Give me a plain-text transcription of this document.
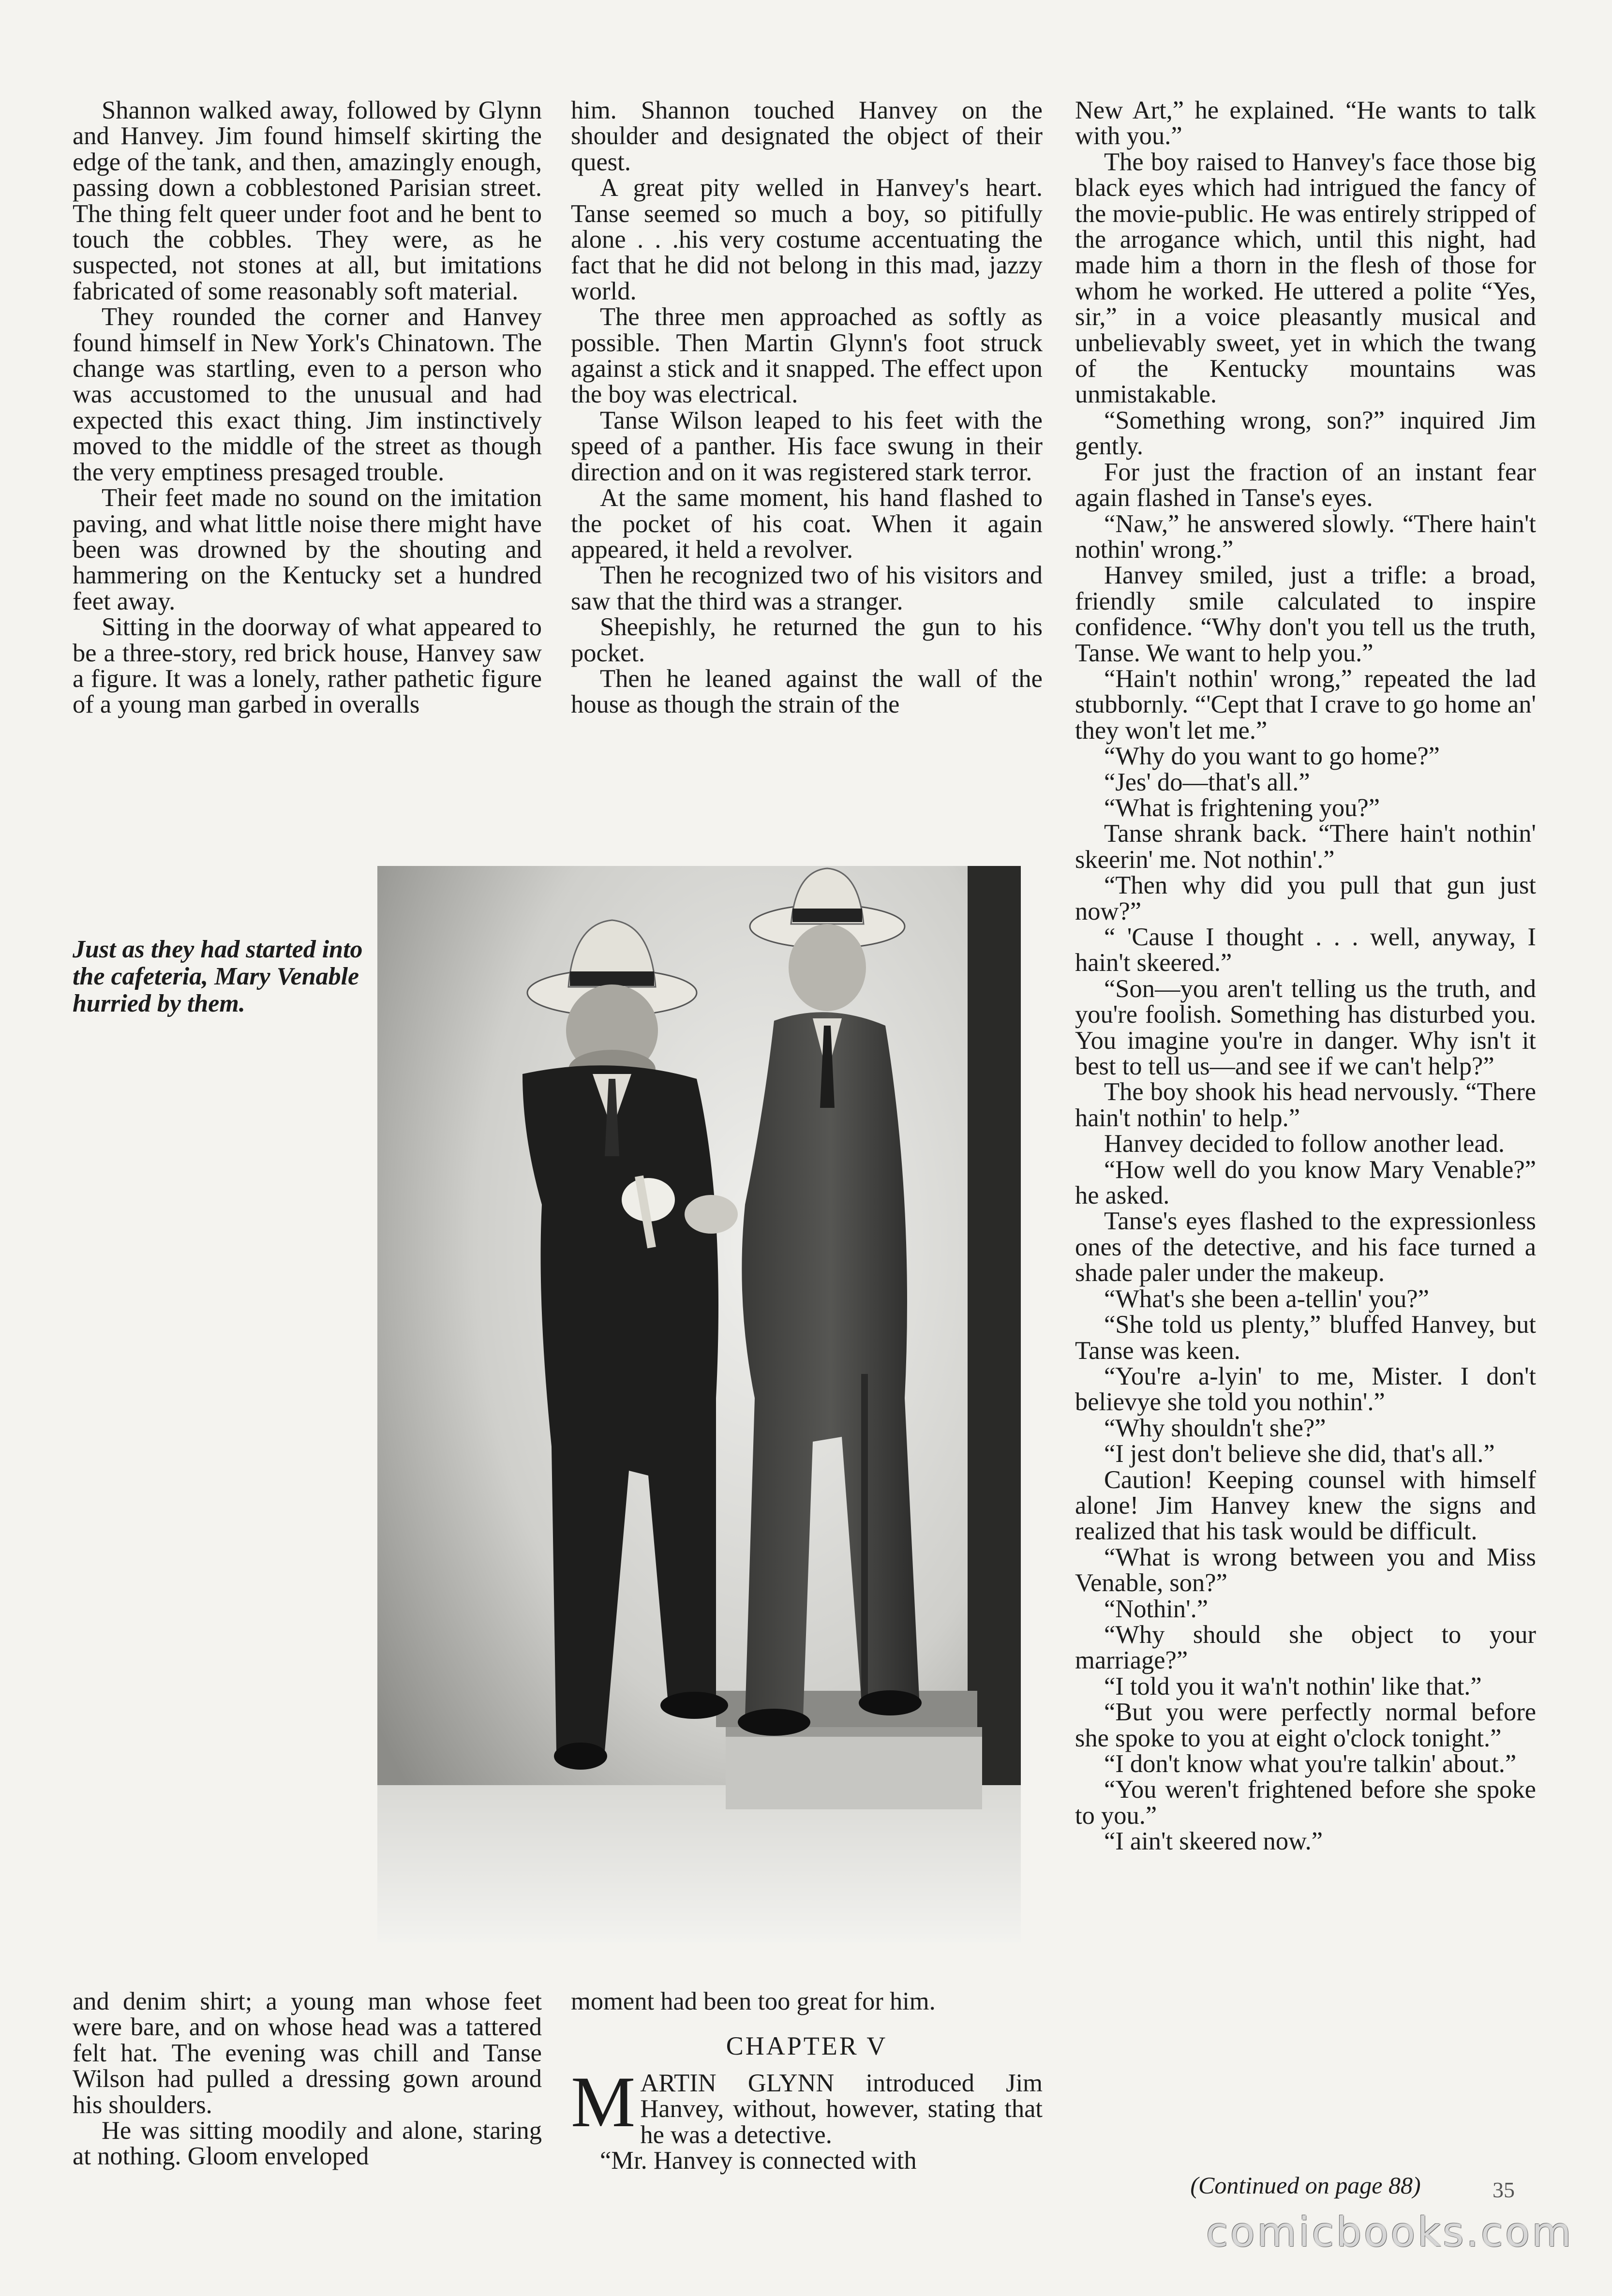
Shannon walked away, followed by Glynn and Hanvey. Jim found himself skirting the edge of the tank, and then, amazingly enough, passing down a cobblestoned Parisian street. The thing felt queer under foot and he bent to touch the cobbles. They were, as he suspected, not stones at all, but imitations fabricated of some reasonably soft material.

They rounded the corner and Hanvey found himself in New York's Chinatown. The change was startling, even to a person who was accustomed to the unusual and had expected this exact thing. Jim instinctively moved to the middle of the street as though the very emptiness presaged trouble.

Their feet made no sound on the imitation paving, and what little noise there might have been was drowned by the shouting and hammering on the Kentucky set a hundred feet away.

Sitting in the doorway of what appeared to be a three-story, red brick house, Hanvey saw a figure. It was a lonely, rather pathetic figure of a young man garbed in overalls

him. Shannon touched Hanvey on the shoulder and designated the object of their quest.

A great pity welled in Hanvey's heart. Tanse seemed so much a boy, so pitifully alone . . .his very costume accentuating the fact that he did not belong in this mad, jazzy world.

The three men approached as softly as possible. Then Martin Glynn's foot struck against a stick and it snapped. The effect upon the boy was electrical.

Tanse Wilson leaped to his feet with the speed of a panther. His face swung in their direction and on it was registered stark terror.

At the same moment, his hand flashed to the pocket of his coat. When it again appeared, it held a revolver.

Then he recognized two of his visitors and saw that the third was a stranger.

Sheepishly, he returned the gun to his pocket.

Then he leaned against the wall of the house as though the strain of the

New Art,” he explained. “He wants to talk with you.”

The boy raised to Hanvey's face those big black eyes which had intrigued the fancy of the movie-public. He was entirely stripped of the arrogance which, until this night, had made him a thorn in the flesh of those for whom he worked. He uttered a polite “Yes, sir,” in a voice pleasantly musical and unbelievably sweet, yet in which the twang of the Kentucky mountains was unmistakable.

“Something wrong, son?” inquired Jim gently.

For just the fraction of an instant fear again flashed in Tanse's eyes.

“Naw,” he answered slowly. “There hain't nothin' wrong.”

Hanvey smiled, just a trifle: a broad, friendly smile calculated to inspire confidence. “Why don't you tell us the truth, Tanse. We want to help you.”

“Hain't nothin' wrong,” repeated the lad stubbornly. “'Cept that I crave to go home an' they won't let me.”

“Why do you want to go home?”

“Jes' do—that's all.”

“What is frightening you?”

Tanse shrank back. “There hain't nothin' skeerin' me. Not nothin'.”

“Then why did you pull that gun just now?”

“ 'Cause I thought . . . well, anyway, I hain't skeered.”

“Son—you aren't telling us the truth, and you're foolish. Something has disturbed you. You imagine you're in danger. Why isn't it best to tell us—and see if we can't help?”

The boy shook his head nervously. “There hain't nothin' to help.”

Hanvey decided to follow another lead.

“How well do you know Mary Venable?” he asked.

Tanse's eyes flashed to the expressionless ones of the detective, and his face turned a shade paler under the makeup.

“What's she been a-tellin' you?”

“She told us plenty,” bluffed Hanvey, but Tanse was keen.

“You're a-lyin' to me, Mister. I don't believye she told you nothin'.”

“Why shouldn't she?”

“I jest don't believe she did, that's all.”

Caution! Keeping counsel with himself alone! Jim Hanvey knew the signs and realized that his task would be difficult.

“What is wrong between you and Miss Venable, son?”

“Nothin'.”

“Why should she object to your marriage?”

“I told you it wa'n't nothin' like that.”

“But you were perfectly normal before she spoke to you at eight o'clock tonight.”

“I don't know what you're talkin' about.”

“You weren't frightened before she spoke to you.”

“I ain't skeered now.”

(Continued on page 88)
Just as they had started into the cafeteria, Mary Venable hurried by them.

and denim shirt; a young man whose feet were bare, and on whose head was a tattered felt hat. The evening was chill and Tanse Wilson had pulled a dressing gown around his shoulders.

He was sitting moodily and alone, staring at nothing. Gloom enveloped

moment had been too great for him.

CHAPTER V

MARTIN GLYNN introduced Jim Hanvey, without, however, stating that he was a detective.

“Mr. Hanvey is connected with

35
comicbooks.com
